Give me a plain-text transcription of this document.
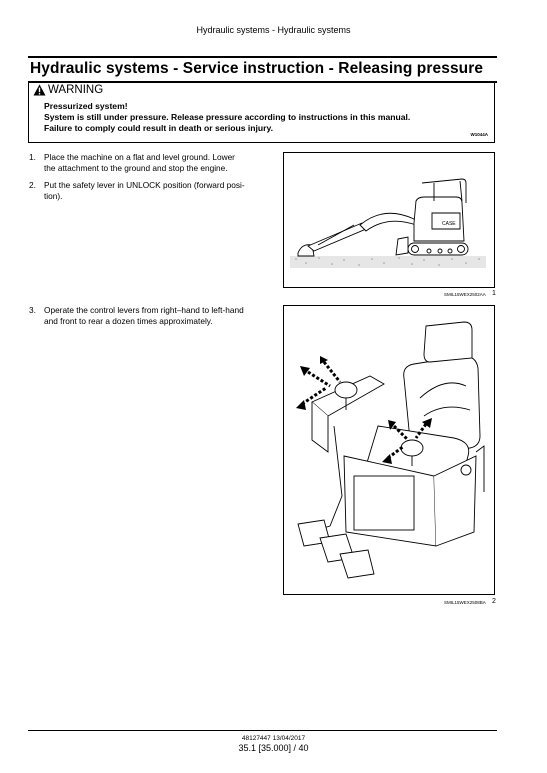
Hydraulic systems - Hydraulic systems
Hydraulic systems - Service instruction - Releasing pressure
WARNING
Pressurized system!
System is still under pressure. Release pressure according to instructions in this manual.
Failure to comply could result in death or serious injury.
W1044A
1. Place the machine on a flat and level ground. Lower

the attachment to the ground and stop the engine.
2. Put the safety lever in UNLOCK position (forward posi-

tion).
3. Operate the control levers from right–hand to left-hand

and front to rear a dozen times approximately.
CASE
SMIL15WEX2502AA 1
SMIL15WEX2508BA 2
48127447 13/04/2017
35.1 [35.000] / 40
